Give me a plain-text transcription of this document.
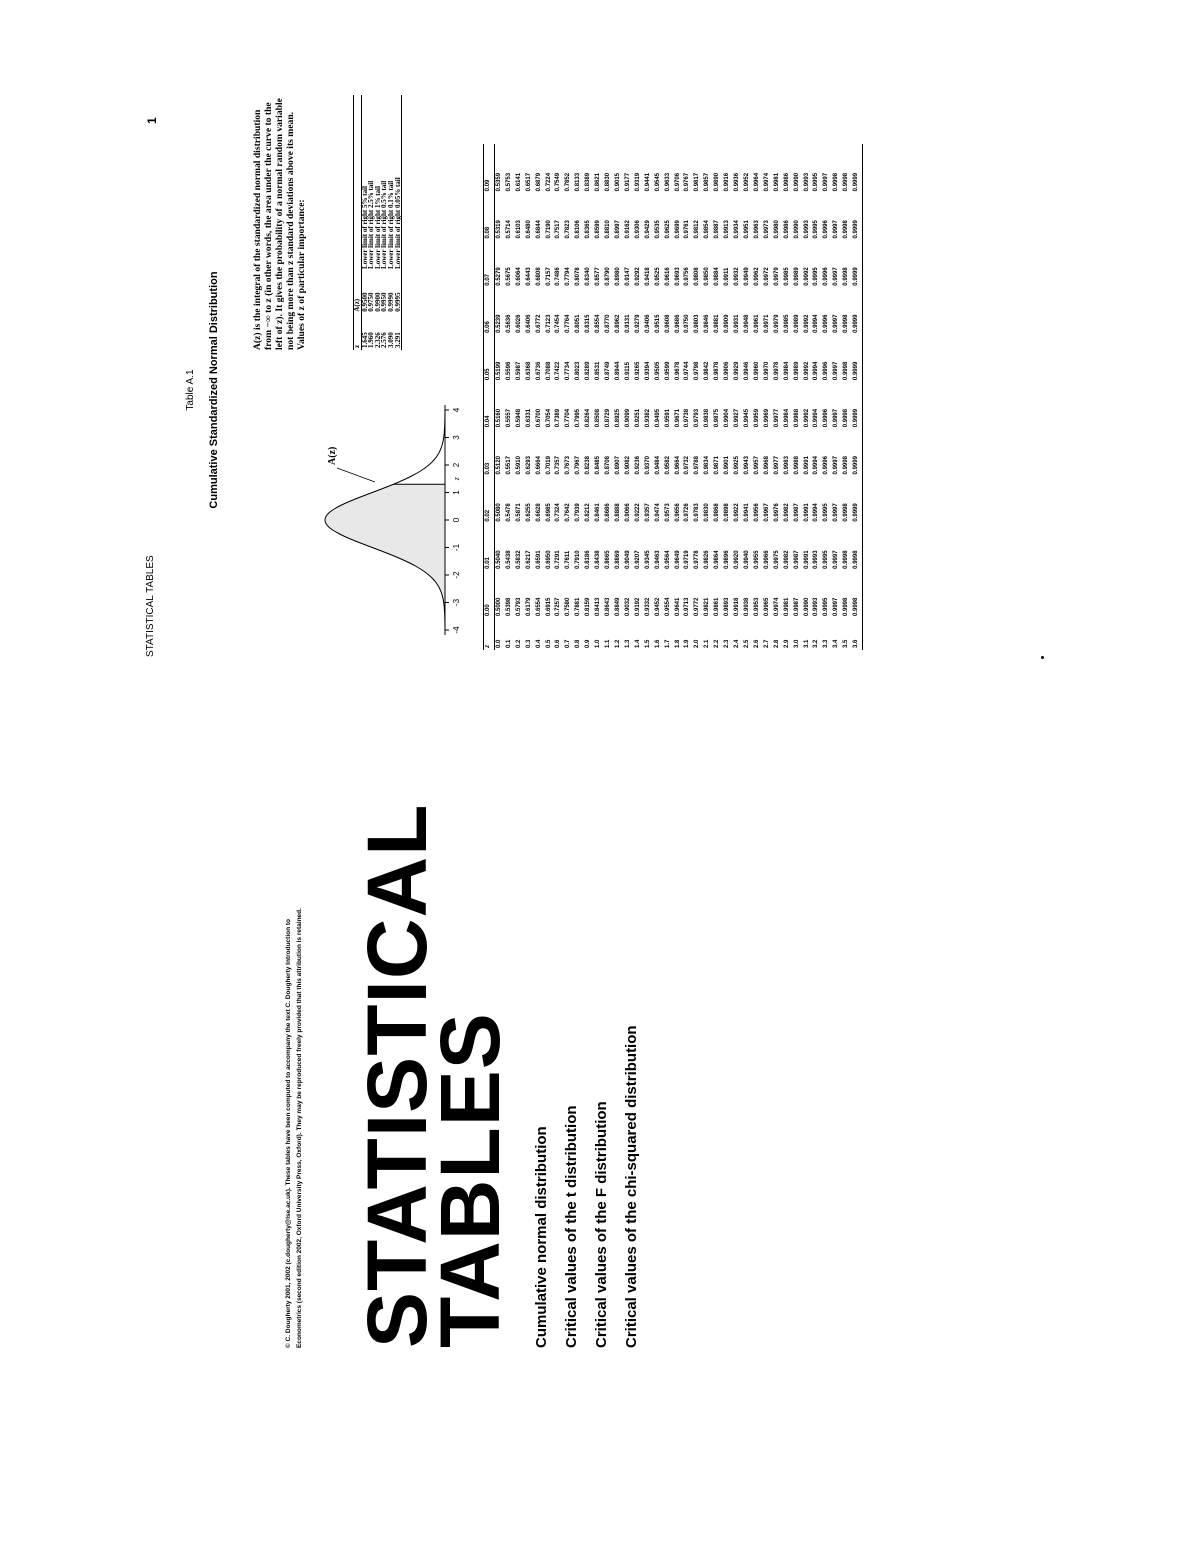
STATISTICAL
TABLES Cumulative normal distribution Critical values of the t distribution Critical values of the F distribution Critical values of the chi-squared distribution
© C. Dougherty 2001, 2002 (c.dougherty@lse.ac.uk). These tables have been computed to accompany the text C. Dougherty Introduction to Econometrics (second edition 2002, Oxford University Press, Oxford). They may be reproduced freely provided that this attribution is retained.
STATISTICAL TABLES
1
Table A.1 Cumulative Standardized Normal Distribution
-4
-3
-2
-1
0
1
2
3
4
z
A(z)
A(z) is the integral of the standardized normal distribution from −∞ to z (in other words, the area under the curve to the left of z). It gives the probability of a normal random variable not being more than z standard deviations above its mean. Values of z of particular importance:	z	A(z)	
1.645	0.9500	Lower limit of right 5% tail
1.960	0.9750	Lower limit of right 2.5% tail
2.326	0.9900	Lower limit of right 1% tail
2.576	0.9950	Lower limit of right 0.5% tail
3.090	0.9990	Lower limit of right 0.1% tail
3.291	0.9995	Lower limit of right 0.05% tail
z	0.00	0.01	0.02	0.03	0.04	0.05	0.06	0.07	0.08	0.09
0.0	0.5000	0.5040	0.5080	0.5120	0.5160	0.5199	0.5239	0.5279	0.5319	0.5359
0.1	0.5398	0.5438	0.5478	0.5517	0.5557	0.5596	0.5636	0.5675	0.5714	0.5753
0.2	0.5793	0.5832	0.5871	0.5910	0.5948	0.5987	0.6026	0.6064	0.6103	0.6141
0.3	0.6179	0.6217	0.6255	0.6293	0.6331	0.6368	0.6406	0.6443	0.6480	0.6517
0.4	0.6554	0.6591	0.6628	0.6664	0.6700	0.6736	0.6772	0.6808	0.6844	0.6879
0.5	0.6915	0.6950	0.6985	0.7019	0.7054	0.7088	0.7123	0.7157	0.7190	0.7224
0.6	0.7257	0.7291	0.7324	0.7357	0.7389	0.7422	0.7454	0.7486	0.7517	0.7549
0.7	0.7580	0.7611	0.7642	0.7673	0.7704	0.7734	0.7764	0.7794	0.7823	0.7852
0.8	0.7881	0.7910	0.7939	0.7967	0.7995	0.8023	0.8051	0.8078	0.8106	0.8133
0.9	0.8159	0.8186	0.8212	0.8238	0.8264	0.8289	0.8315	0.8340	0.8365	0.8389
1.0	0.8413	0.8438	0.8461	0.8485	0.8508	0.8531	0.8554	0.8577	0.8599	0.8621
1.1	0.8643	0.8665	0.8686	0.8708	0.8729	0.8749	0.8770	0.8790	0.8810	0.8830
1.2	0.8849	0.8869	0.8888	0.8907	0.8925	0.8944	0.8962	0.8980	0.8997	0.9015
1.3	0.9032	0.9049	0.9066	0.9082	0.9099	0.9115	0.9131	0.9147	0.9162	0.9177
1.4	0.9192	0.9207	0.9222	0.9236	0.9251	0.9265	0.9279	0.9292	0.9306	0.9319
1.5	0.9332	0.9345	0.9357	0.9370	0.9382	0.9394	0.9406	0.9418	0.9429	0.9441
1.6	0.9452	0.9463	0.9474	0.9484	0.9495	0.9505	0.9515	0.9525	0.9535	0.9545
1.7	0.9554	0.9564	0.9573	0.9582	0.9591	0.9599	0.9608	0.9616	0.9625	0.9633
1.8	0.9641	0.9649	0.9656	0.9664	0.9671	0.9678	0.9686	0.9693	0.9699	0.9706
1.9	0.9713	0.9719	0.9726	0.9732	0.9738	0.9744	0.9750	0.9756	0.9761	0.9767
2.0	0.9772	0.9778	0.9783	0.9788	0.9793	0.9798	0.9803	0.9808	0.9812	0.9817
2.1	0.9821	0.9826	0.9830	0.9834	0.9838	0.9842	0.9846	0.9850	0.9854	0.9857
2.2	0.9861	0.9864	0.9868	0.9871	0.9875	0.9878	0.9881	0.9884	0.9887	0.9890
2.3	0.9893	0.9896	0.9898	0.9901	0.9904	0.9906	0.9909	0.9911	0.9913	0.9916
2.4	0.9918	0.9920	0.9922	0.9925	0.9927	0.9929	0.9931	0.9932	0.9934	0.9936
2.5	0.9938	0.9940	0.9941	0.9943	0.9945	0.9946	0.9948	0.9949	0.9951	0.9952
2.6	0.9953	0.9955	0.9956	0.9957	0.9959	0.9960	0.9961	0.9962	0.9963	0.9964
2.7	0.9965	0.9966	0.9967	0.9968	0.9969	0.9970	0.9971	0.9972	0.9973	0.9974
2.8	0.9974	0.9975	0.9976	0.9977	0.9977	0.9978	0.9979	0.9979	0.9980	0.9981
2.9	0.9981	0.9982	0.9982	0.9983	0.9984	0.9984	0.9985	0.9985	0.9986	0.9986
3.0	0.9987	0.9987	0.9987	0.9988	0.9988	0.9989	0.9989	0.9989	0.9990	0.9990
3.1	0.9990	0.9991	0.9991	0.9991	0.9992	0.9992	0.9992	0.9992	0.9993	0.9993
3.2	0.9993	0.9993	0.9994	0.9994	0.9994	0.9994	0.9994	0.9995	0.9995	0.9995
3.3	0.9995	0.9995	0.9995	0.9996	0.9996	0.9996	0.9996	0.9996	0.9996	0.9997
3.4	0.9997	0.9997	0.9997	0.9997	0.9997	0.9997	0.9997	0.9997	0.9997	0.9998
3.5	0.9998	0.9998	0.9998	0.9998	0.9998	0.9998	0.9998	0.9998	0.9998	0.9998
3.6	0.9998	0.9998	0.9999	0.9999	0.9999	0.9999	0.9999	0.9999	0.9999	0.9999
